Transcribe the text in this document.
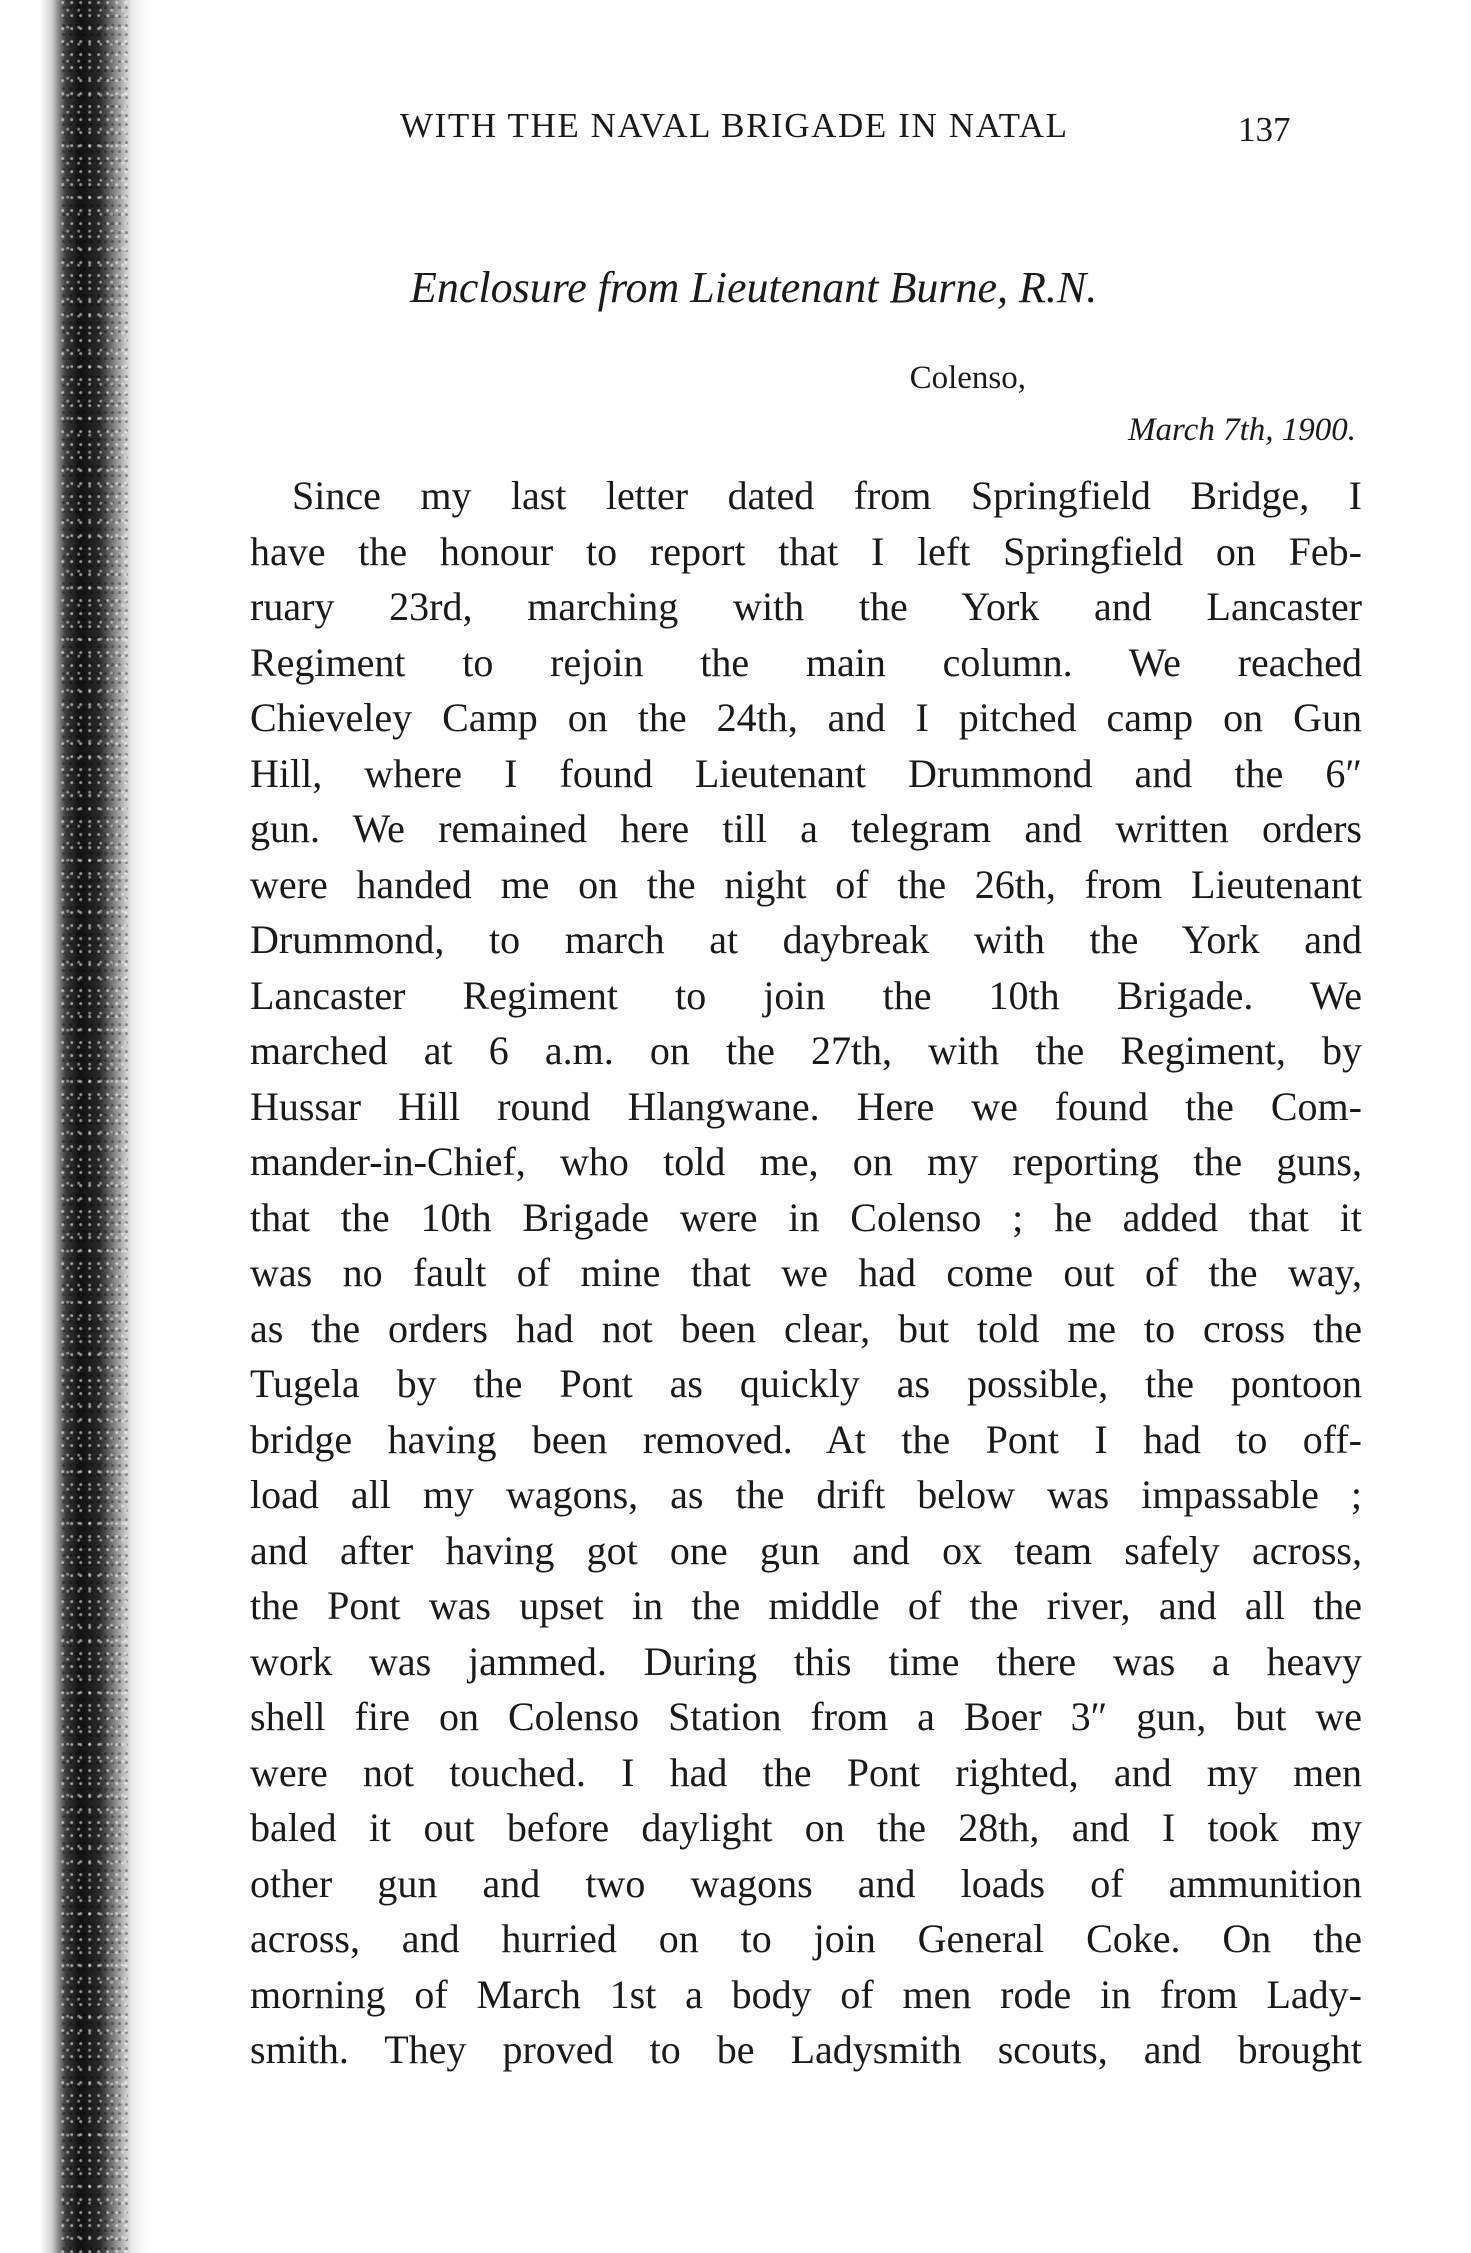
WITH THE NAVAL BRIGADE IN NATAL	137
Enclosure from Lieutenant Burne, R.N.
Colenso,
March 7th, 1900.
Since my last letter dated from Springfield Bridge, I
have the honour to report that I left Springfield on Feb-
ruary 23rd, marching with the York and Lancaster
Regiment to rejoin the main column. We reached
Chieveley Camp on the 24th, and I pitched camp on Gun
Hill, where I found Lieutenant Drummond and the 6″
gun. We remained here till a telegram and written orders
were handed me on the night of the 26th, from Lieutenant
Drummond, to march at daybreak with the York and
Lancaster Regiment to join the 10th Brigade. We
marched at 6 a.m. on the 27th, with the Regiment, by
Hussar Hill round Hlangwane. Here we found the Com-
mander-in-Chief, who told me, on my reporting the guns,
that the 10th Brigade were in Colenso ; he added that it
was no fault of mine that we had come out of the way,
as the orders had not been clear, but told me to cross the
Tugela by the Pont as quickly as possible, the pontoon
bridge having been removed. At the Pont I had to off-
load all my wagons, as the drift below was impassable ;
and after having got one gun and ox team safely across,
the Pont was upset in the middle of the river, and all the
work was jammed. During this time there was a heavy
shell fire on Colenso Station from a Boer 3″ gun, but we
were not touched. I had the Pont righted, and my men
baled it out before daylight on the 28th, and I took my
other gun and two wagons and loads of ammunition
across, and hurried on to join General Coke. On the
morning of March 1st a body of men rode in from Lady-
smith. They proved to be Ladysmith scouts, and brought
